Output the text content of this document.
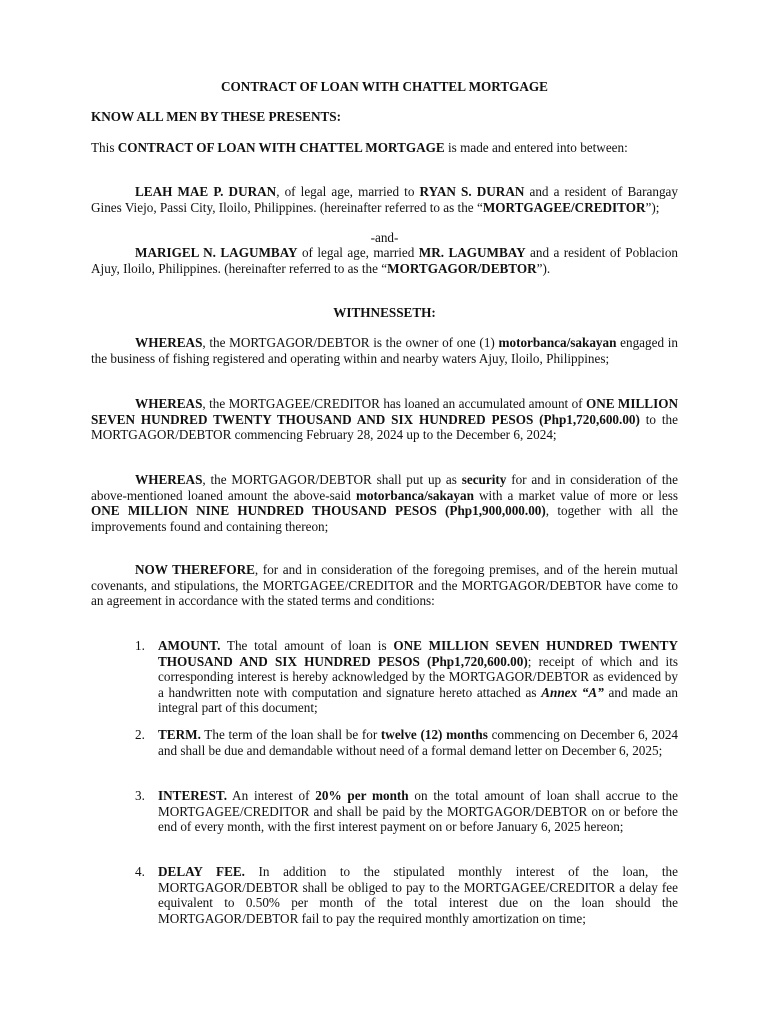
CONTRACT OF LOAN WITH CHATTEL MORTGAGE

KNOW ALL MEN BY THESE PRESENTS:

This CONTRACT OF LOAN WITH CHATTEL MORTGAGE is made and entered into between:

LEAH MAE P. DURAN, of legal age, married to RYAN S. DURAN and a resident of Barangay Gines Viejo, Passi City, Iloilo, Philippines. (hereinafter referred to as the “MORTGAGEE/CREDITOR”);

-and-

MARIGEL N. LAGUMBAY of legal age, married MR. LAGUMBAY and a resident of Poblacion Ajuy, Iloilo, Philippines. (hereinafter referred to as the “MORTGAGOR/DEBTOR”).

WITHNESSETH:

WHEREAS, the MORTGAGOR/DEBTOR is the owner of one (1) motorbanca/sakayan engaged in the business of fishing registered and operating within and nearby waters Ajuy, Iloilo, Philippines;

WHEREAS, the MORTGAGEE/CREDITOR has loaned an accumulated amount of ONE MILLION SEVEN HUNDRED TWENTY THOUSAND AND SIX HUNDRED PESOS (Php1,720,600.00) to the MORTGAGOR/DEBTOR commencing February 28, 2024 up to the December 6, 2024;

WHEREAS, the MORTGAGOR/DEBTOR shall put up as security for and in consideration of the above-mentioned loaned amount the above-said motorbanca/sakayan with a market value of more or less ONE MILLION NINE HUNDRED THOUSAND PESOS (Php1,900,000.00), together with all the improvements found and containing thereon;

NOW THEREFORE, for and in consideration of the foregoing premises, and of the herein mutual covenants, and stipulations, the MORTGAGEE/CREDITOR and the MORTGAGOR/DEBTOR have come to an agreement in accordance with the stated terms and conditions:

1. AMOUNT. The total amount of loan is ONE MILLION SEVEN HUNDRED TWENTY THOUSAND AND SIX HUNDRED PESOS (Php1,720,600.00); receipt of which and its corresponding interest is hereby acknowledged by the MORTGAGOR/DEBTOR as evidenced by a handwritten note with computation and signature hereto attached as Annex “A” and made an integral part of this document;
2. TERM. The term of the loan shall be for twelve (12) months commencing on December 6, 2024 and shall be due and demandable without need of a formal demand letter on December 6, 2025;
3. INTEREST. An interest of 20% per month on the total amount of loan shall accrue to the MORTGAGEE/CREDITOR and shall be paid by the MORTGAGOR/DEBTOR on or before the end of every month, with the first interest payment on or before January 6, 2025 hereon;
4. DELAY FEE. In addition to the stipulated monthly interest of the loan, the MORTGAGOR/DEBTOR shall be obliged to pay to the MORTGAGEE/CREDITOR a delay fee equivalent to 0.50% per month of the total interest due on the loan should the MORTGAGOR/DEBTOR fail to pay the required monthly amortization on time;
